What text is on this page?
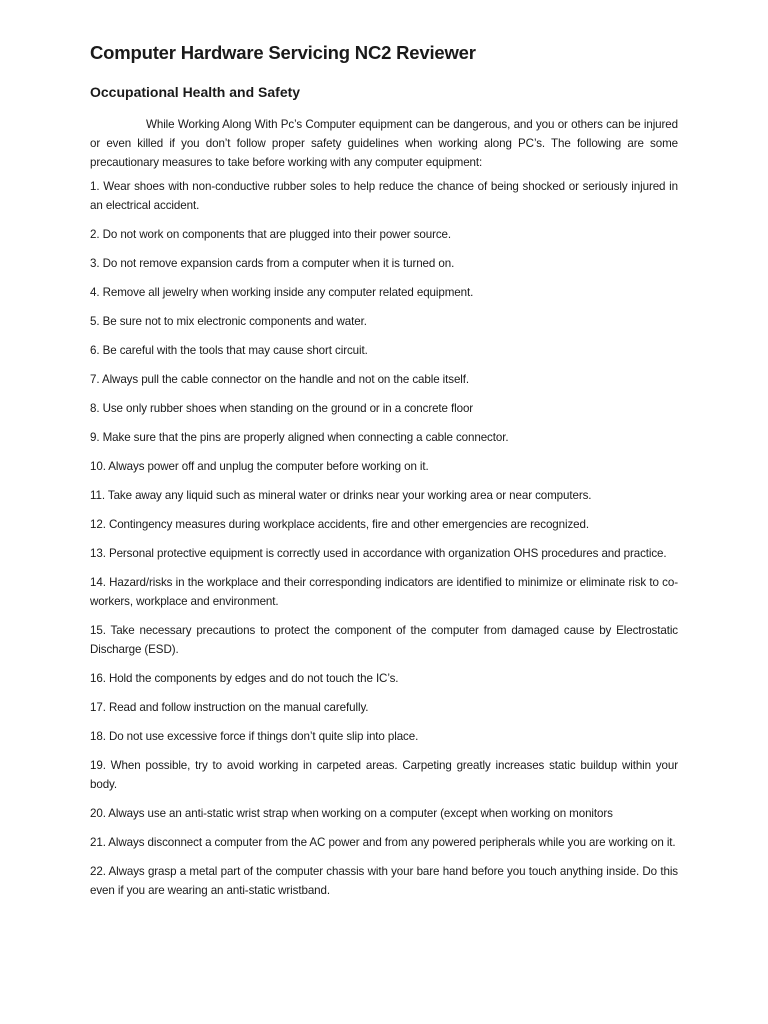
Computer Hardware Servicing NC2 Reviewer
Occupational Health and Safety

While Working Along With Pc’s Computer equipment can be dangerous, and you or others can be injured or even killed if you don’t follow proper safety guidelines when working along PC’s. The following are some precautionary measures to take before working with any computer equipment:

1. Wear shoes with non-conductive rubber soles to help reduce the chance of being shocked or seriously injured in an electrical accident.
2. Do not work on components that are plugged into their power source.
3. Do not remove expansion cards from a computer when it is turned on.
4. Remove all jewelry when working inside any computer related equipment.
5. Be sure not to mix electronic components and water.
6. Be careful with the tools that may cause short circuit.
7. Always pull the cable connector on the handle and not on the cable itself.
8. Use only rubber shoes when standing on the ground or in a concrete floor
9. Make sure that the pins are properly aligned when connecting a cable connector.
10. Always power off and unplug the computer before working on it.
11. Take away any liquid such as mineral water or drinks near your working area or near computers.
12. Contingency measures during workplace accidents, fire and other emergencies are recognized.
13. Personal protective equipment is correctly used in accordance with organization OHS procedures and practice.
14. Hazard/risks in the workplace and their corresponding indicators are identified to minimize or eliminate risk to co-workers, workplace and environment.
15. Take necessary precautions to protect the component of the computer from damaged cause by Electrostatic Discharge (ESD).
16. Hold the components by edges and do not touch the IC’s.
17. Read and follow instruction on the manual carefully.
18. Do not use excessive force if things don’t quite slip into place.
19. When possible, try to avoid working in carpeted areas. Carpeting greatly increases static buildup within your body.
20. Always use an anti-static wrist strap when working on a computer (except when working on monitors
21. Always disconnect a computer from the AC power and from any powered peripherals while you are working on it.
22. Always grasp a metal part of the computer chassis with your bare hand before you touch anything inside. Do this even if you are wearing an anti-static wristband.
